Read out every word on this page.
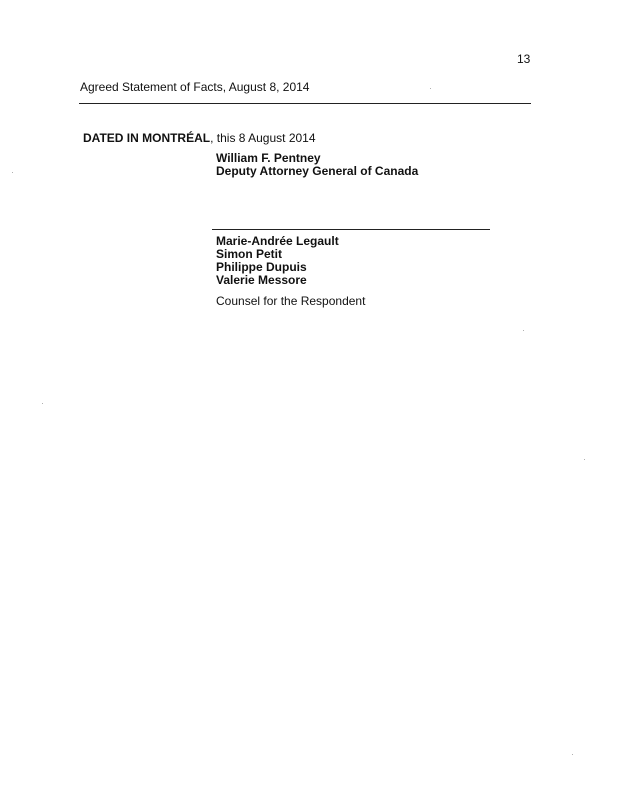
13
Agreed Statement of Facts, August 8, 2014
DATED IN MONTRÉAL, this 8 August 2014
William F. Pentney
Deputy Attorney General of Canada
Marie-Andrée Legault
Simon Petit
Philippe Dupuis
Valerie Messore
Counsel for the Respondent
